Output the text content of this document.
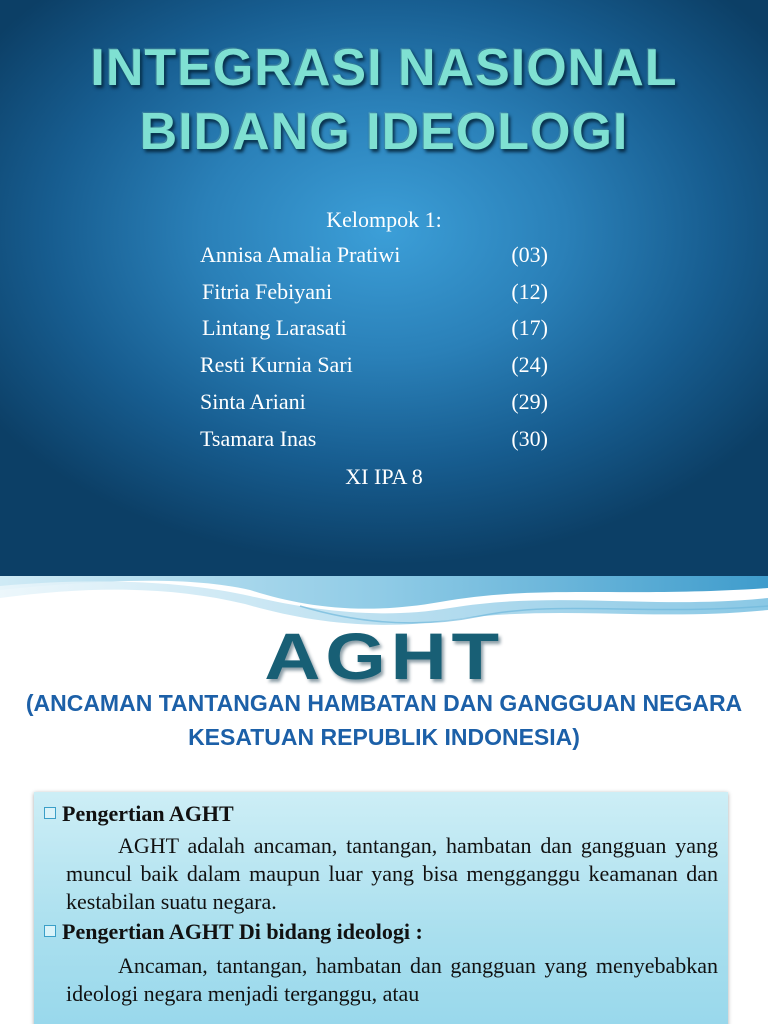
INTEGRASI NASIONAL
BIDANG IDEOLOGI
Kelompok 1:
Annisa Amalia Pratiwi	(03)
Fitria Febiyani	(12)
Lintang Larasati	(17)
Resti Kurnia Sari	(24)
Sinta Ariani	(29)
Tsamara Inas	(30)
XI IPA 8
AGHT
(ANCAMAN TANTANGAN HAMBATAN DAN GANGGUAN NEGARA KESATUAN REPUBLIK INDONESIA)
Pengertian AGHT

AGHT adalah ancaman, tantangan, hambatan dan gangguan yang muncul baik dalam maupun luar yang bisa mengganggu keamanan dan kestabilan suatu negara.

Pengertian AGHT Di bidang ideologi :

Ancaman, tantangan, hambatan dan gangguan yang menyebabkan ideologi negara menjadi terganggu, atau
